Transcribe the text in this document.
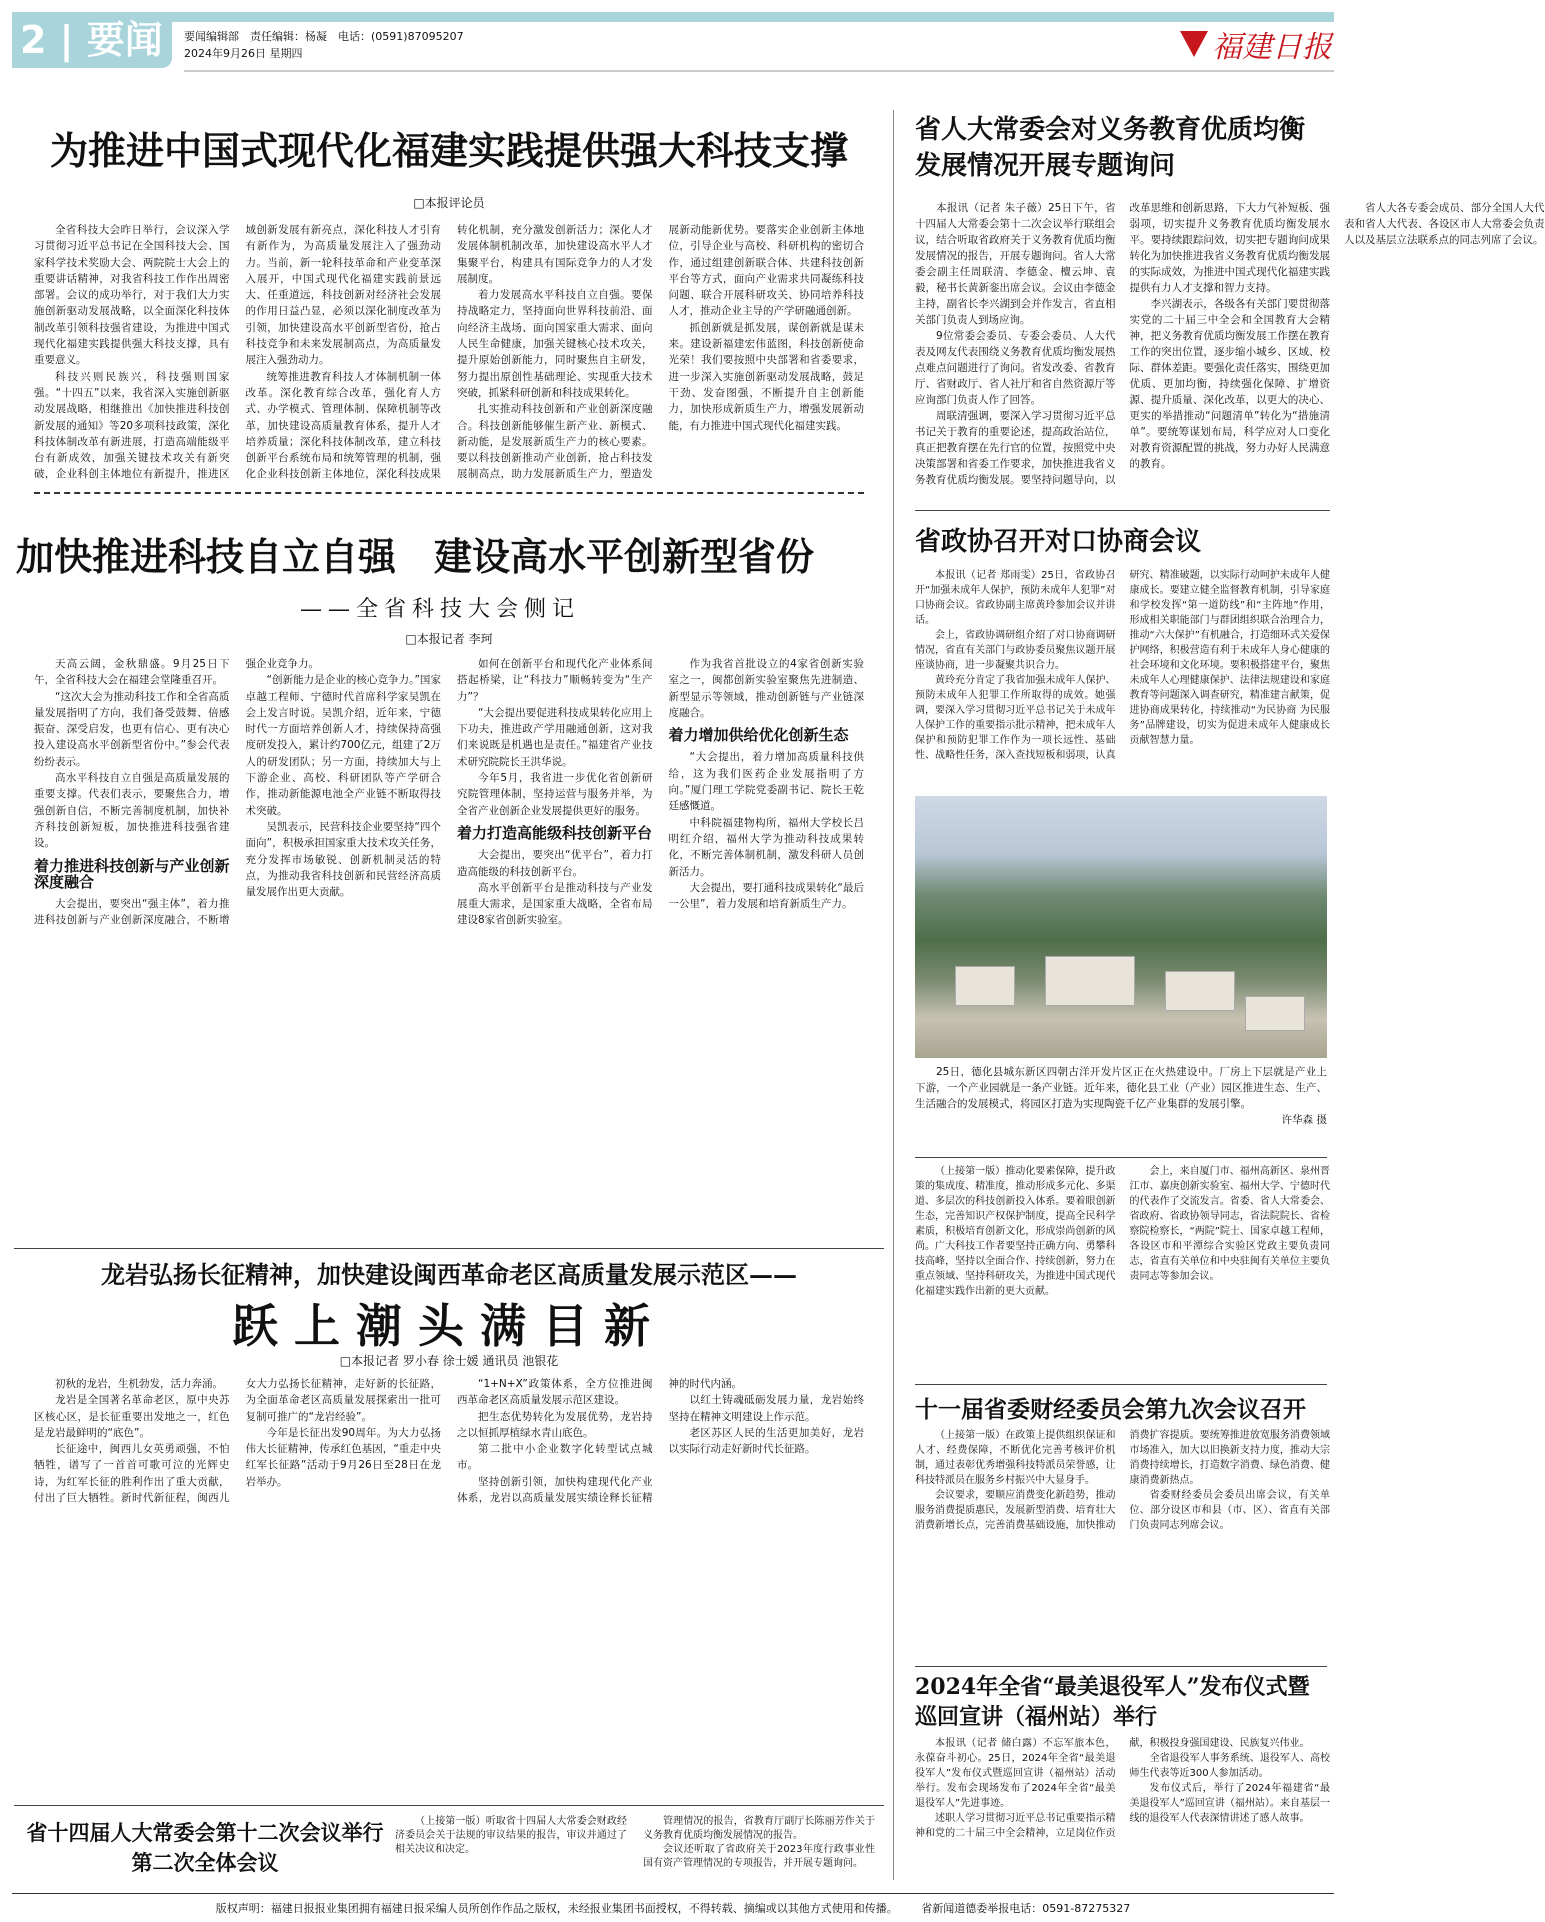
2 | 要闻	要闻编辑部　责任编辑：杨凝　电话：(0591)87095207
2024年9月26日 星期四	福建日报
为推进中国式现代化福建实践提供强大科技支撑
□本报评论员

全省科技大会昨日举行，会议深入学习贯彻习近平总书记在全国科技大会、国家科学技术奖励大会、两院院士大会上的重要讲话精神，对我省科技工作作出周密部署。会议的成功举行，对于我们大力实施创新驱动发展战略，以全面深化科技体制改革引领科技强省建设，为推进中国式现代化福建实践提供强大科技支撑，具有重要意义。

科技兴则民族兴，科技强则国家强。“十四五”以来，我省深入实施创新驱动发展战略，相继推出《加快推进科技创新发展的通知》等20多项科技政策，深化科技体制改革有新进展，打造高端能级平台有新成效，加强关键技术攻关有新突破，企业科创主体地位有新提升，推进区域创新发展有新亮点，深化科技人才引育有新作为，为高质量发展注入了强劲动力。当前，新一轮科技革命和产业变革深入展开，中国式现代化福建实践前景远大、任重道远，科技创新对经济社会发展的作用日益凸显，必须以深化制度改革为引领，加快建设高水平创新型省份，抢占科技竞争和未来发展制高点，为高质量发展注入强劲动力。

统筹推进教育科技人才体制机制一体改革。深化教育综合改革，强化育人方式、办学模式、管理体制、保障机制等改革，加快建设高质量教育体系，提升人才培养质量；深化科技体制改革，建立科技创新平台系统布局和统筹管理的机制，强化企业科技创新主体地位，深化科技成果转化机制，充分激发创新活力；深化人才发展体制机制改革，加快建设高水平人才集聚平台，构建具有国际竞争力的人才发展制度。

着力发展高水平科技自立自强。要保持战略定力，坚持面向世界科技前沿、面向经济主战场、面向国家重大需求、面向人民生命健康，加强关键核心技术攻关，提升原始创新能力，同时聚焦自主研发，努力提出原创性基础理论、实现重大技术突破，抓紧科研创新和科技成果转化。

扎实推动科技创新和产业创新深度融合。科技创新能够催生新产业、新模式、新动能，是发展新质生产力的核心要素。要以科技创新推动产业创新，抢占科技发展制高点，助力发展新质生产力，塑造发展新动能新优势。要落实企业创新主体地位，引导企业与高校、科研机构的密切合作，通过组建创新联合体、共建科技创新平台等方式，面向产业需求共同凝练科技问题、联合开展科研攻关、协同培养科技人才，推动企业主导的产学研融通创新。

抓创新就是抓发展，谋创新就是谋未来。建设新福建宏伟蓝图，科技创新使命光荣！我们要按照中央部署和省委要求，进一步深入实施创新驱动发展战略，鼓足干劲、发奋图强，不断提升自主创新能力，加快形成新质生产力，增强发展新动能，有力推进中国式现代化福建实践。

加快推进科技自立自强　建设高水平创新型省份
——全省科技大会侧记
□本报记者 李珂

天高云阔，金秋鼎盛。9月25日下午，全省科技大会在福建会堂隆重召开。

“这次大会为推动科技工作和全省高质量发展指明了方向，我们备受鼓舞、倍感振奋、深受启发，也更有信心、更有决心投入建设高水平创新型省份中。”参会代表纷纷表示。

高水平科技自立自强是高质量发展的重要支撑。代表们表示，要聚焦合力，增强创新自信，不断完善制度机制，加快补齐科技创新短板，加快推进科技强省建设。

着力推进科技创新与产业创新深度融合

大会提出，要突出“强主体”，着力推进科技创新与产业创新深度融合，不断增强企业竞争力。

“创新能力是企业的核心竞争力。”国家卓越工程师、宁德时代首席科学家吴凯在会上发言时说。吴凯介绍，近年来，宁德时代一方面培养创新人才，持续保持高强度研发投入，累计约700亿元，组建了2万人的研发团队；另一方面，持续加大与上下游企业、高校、科研团队等产学研合作，推动新能源电池全产业链不断取得技术突破。

吴凯表示，民营科技企业要坚持“四个面向”，积极承担国家重大技术攻关任务，充分发挥市场敏锐、创新机制灵活的特点，为推动我省科技创新和民营经济高质量发展作出更大贡献。

如何在创新平台和现代化产业体系间搭起桥梁，让“科技力”顺畅转变为“生产力”？

“大会提出要促进科技成果转化应用上下功夫，推进政产学用融通创新，这对我们来说既是机遇也是责任。”福建省产业技术研究院院长王洪华说。

今年5月，我省进一步优化省创新研究院管理体制，坚持运营与服务并举，为全省产业创新企业发展提供更好的服务。

着力打造高能级科技创新平台

大会提出，要突出“优平台”，着力打造高能级的科技创新平台。

高水平创新平台是推动科技与产业发展重大需求，是国家重大战略，全省布局建设8家省创新实验室。

作为我省首批设立的4家省创新实验室之一，闽都创新实验室聚焦先进制造、新型显示等领域，推动创新链与产业链深度融合。

着力增加供给优化创新生态

“大会提出，着力增加高质量科技供给，这为我们医药企业发展指明了方向。”厦门理工学院党委副书记、院长王乾廷感慨道。

中科院福建物构所，福州大学校长吕明红介绍，福州大学为推动科技成果转化，不断完善体制机制，激发科研人员创新活力。

大会提出，要打通科技成果转化“最后一公里”，着力发展和培育新质生产力。

龙岩弘扬长征精神，加快建设闽西革命老区高质量发展示范区——
跃上潮头满目新
□本报记者 罗小春 徐士媛 通讯员 池银花

初秋的龙岩，生机勃发，活力奔涌。

龙岩是全国著名革命老区，原中央苏区核心区，是长征重要出发地之一，红色是龙岩最鲜明的“底色”。

长征途中，闽西儿女英勇顽强，不怕牺牲，谱写了一首首可歌可泣的光辉史诗，为红军长征的胜利作出了重大贡献，付出了巨大牺牲。新时代新征程，闽西儿女大力弘扬长征精神，走好新的长征路，为全面革命老区高质量发展探索出一批可复制可推广的“龙岩经验”。

今年是长征出发90周年。为大力弘扬伟大长征精神，传承红色基因，“重走中央红军长征路”活动于9月26日至28日在龙岩举办。

“1+N+X”政策体系，全方位推进闽西革命老区高质量发展示范区建设。

把生态优势转化为发展优势，龙岩持之以恒抓厚植绿水青山底色。

第二批中小企业数字化转型试点城市。

坚持创新引领，加快构建现代化产业体系，龙岩以高质量发展实绩诠释长征精神的时代内涵。

以红土铸魂砥砺发展力量，龙岩始终坚持在精神文明建设上作示范。

老区苏区人民的生活更加美好，龙岩以实际行动走好新时代长征路。

省十四届人大常委会第十二次会议举行第二次全体会议

（上接第一版）听取省十四届人大常委会财政经济委员会关于法规的审议结果的报告，审议并通过了相关决议和决定。

管理情况的报告，省教育厅副厅长陈丽芳作关于义务教育优质均衡发展情况的报告。

会议还听取了省政府关于2023年度行政事业性国有资产管理情况的专项报告，并开展专题询问。

省人大常委会对义务教育优质均衡发展情况开展专题询问

本报讯（记者 朱子薇）25日下午，省十四届人大常委会第十二次会议举行联组会议，结合听取省政府关于义务教育优质均衡发展情况的报告，开展专题询问。省人大常委会副主任周联清、李德金、檀云坤、袁毅，秘书长黄新銮出席会议。会议由李德金主持，副省长李兴湖到会并作发言，省直相关部门负责人到场应询。

9位常委会委员、专委会委员、人大代表及网友代表围绕义务教育优质均衡发展热点难点问题进行了询问。省发改委、省教育厅、省财政厅、省人社厅和省自然资源厅等应询部门负责人作了回答。

周联清强调，要深入学习贯彻习近平总书记关于教育的重要论述，提高政治站位，真正把教育摆在先行官的位置，按照党中央决策部署和省委工作要求，加快推进我省义务教育优质均衡发展。要坚持问题导向，以改革思维和创新思路，下大力气补短板、强弱项，切实提升义务教育优质均衡发展水平。要持续跟踪问效，切实把专题询问成果转化为加快推进我省义务教育优质均衡发展的实际成效，为推进中国式现代化福建实践提供有力人才支撑和智力支持。

李兴湖表示，各级各有关部门要贯彻落实党的二十届三中全会和全国教育大会精神，把义务教育优质均衡发展工作摆在教育工作的突出位置，逐步缩小城乡、区域、校际、群体差距。要强化责任落实，围绕更加优质、更加均衡，持续强化保障、扩增资源、提升质量、深化改革，以更大的决心、更实的举措推动“问题清单”转化为“措施清单”。要统筹谋划布局，科学应对人口变化对教育资源配置的挑战，努力办好人民满意的教育。

省人大各专委会成员、部分全国人大代表和省人大代表、各设区市人大常委会负责人以及基层立法联系点的同志列席了会议。

省政协召开对口协商会议

本报讯（记者 郑雨雯）25日，省政协召开“加强未成年人保护，预防未成年人犯罪”对口协商会议。省政协副主席黄玲参加会议并讲话。

会上，省政协调研组介绍了对口协商调研情况，省直有关部门与政协委员聚焦议题开展座谈协商，进一步凝聚共识合力。

黄玲充分肯定了我省加强未成年人保护、预防未成年人犯罪工作所取得的成效。她强调，要深入学习贯彻习近平总书记关于未成年人保护工作的重要指示批示精神，把未成年人保护和预防犯罪工作作为一项长远性、基础性、战略性任务，深入查找短板和弱项，认真研究、精准破题，以实际行动呵护未成年人健康成长。要建立健全监督教育机制，引导家庭和学校发挥“第一道防线”和“主阵地”作用，形成相关职能部门与群团组织联合治理合力，推动“六大保护”有机融合，打造细环式关爱保护网络，积极营造有利于未成年人身心健康的社会环境和文化环境。要积极搭建平台，聚焦未成年人心理健康保护、法律法规建设和家庭教育等问题深入调查研究，精准建言献策，促进协商成果转化，持续推动“为民协商 为民服务”品牌建设，切实为促进未成年人健康成长贡献智慧力量。

25日，德化县城东新区四朝古洋开发片区正在火热建设中。厂房上下层就是产业上下游，一个产业园就是一条产业链。近年来，德化县工业（产业）园区推进生态、生产、生活融合的发展模式，将园区打造为实现陶瓷千亿产业集群的发展引擎。

许华森 摄

（上接第一版）推动化要素保障，提升政策的集成度、精准度，推动形成多元化、多渠道、多层次的科技创新投入体系。要着眼创新生态，完善知识产权保护制度，提高全民科学素质，积极培育创新文化，形成崇尚创新的风尚。广大科技工作者要坚持正确方向、勇攀科技高峰，坚持以全面合作、持续创新，努力在重点领域、坚持科研攻关，为推进中国式现代化福建实践作出新的更大贡献。

会上，来自厦门市、福州高新区、泉州晋江市、嘉庚创新实验室、福州大学、宁德时代的代表作了交流发言。省委、省人大常委会、省政府、省政协领导同志，省法院院长、省检察院检察长，“两院”院士、国家卓越工程师，各设区市和平潭综合实验区党政主要负责同志，省直有关单位和中央驻闽有关单位主要负责同志等参加会议。

十一届省委财经委员会第九次会议召开

（上接第一版）在政策上提供组织保证和人才、经费保障，不断优化完善考核评价机制，通过表彰优秀增强科技特派员荣誉感，让科技特派员在服务乡村振兴中大显身手。

会议要求，要顺应消费变化新趋势，推动服务消费提质惠民，发展新型消费、培育壮大消费新增长点，完善消费基础设施，加快推动消费扩容提质。要统筹推进放宽服务消费领域市场准入，加大以旧换新支持力度，推动大宗消费持续增长，打造数字消费、绿色消费、健康消费新热点。

省委财经委员会委员出席会议，有关单位、部分设区市和县（市、区）、省直有关部门负责同志列席会议。

2024年全省“最美退役军人”发布仪式暨巡回宣讲（福州站）举行

本报讯（记者 储白露）不忘军旅本色，永葆奋斗初心。25日，2024年全省“最美退役军人”发布仪式暨巡回宣讲（福州站）活动举行。发布会现场发布了2024年全省“最美退役军人”先进事迹。

述职人学习贯彻习近平总书记重要指示精神和党的二十届三中全会精神，立足岗位作贡献，积极投身强国建设、民族复兴伟业。

全省退役军人事务系统、退役军人、高校师生代表等近300人参加活动。

发布仪式后，举行了2024年福建省“最美退役军人”巡回宣讲（福州站）。来自基层一线的退役军人代表深情讲述了感人故事。

版权声明：福建日报报业集团拥有福建日报采编人员所创作作品之版权，未经报业集团书面授权，不得转载、摘编或以其他方式使用和传播。 省新闻道德委举报电话：0591-87275327
